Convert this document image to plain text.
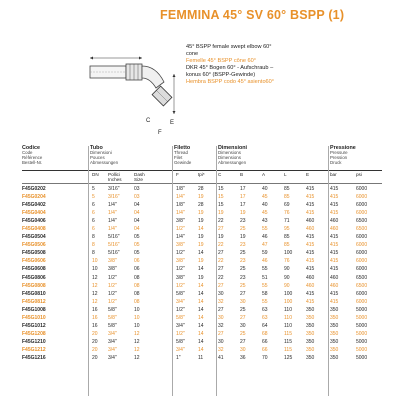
FEMMINA 45° SV 60° BSPP (1)
C	E
F
45° BSPP female swept elbow 60°
cone
Femelle 45° BSPP cône 60°
DKR 45° Bogen 60° - Aufschraub –
konus 60° (BSPP-Gewinde)
Hembra BSPP codo 45° asiento60°
Codice
Code
Référence
Bestell-Nr.
Tubo
Dimensioni
Pouces
Abmessungen
Filetto
Thread
Filet
Gewinde
Dimensioni
Dimensions
Dimensions
Abmessungen
Pressione
Pressure
Pression
Druck
DN Pollici
Inches
Dash
Size
F	tpi*	C	B	A	L	E	bar	psi
F45G0202	5	3/16"	03	1/8"	28	15	17	40	85	415	415	6000
F45G0204	5	3/16"	03	1/4"	19	15	17	45	85	415	415	6000
F45G0402	6	1/4"	04	1/8"	28	15	17	40	69	415	415	6000
F45G0404	6	1/4"	04	1/4"	19	19	19	45	76	415	415	6000
F45G0406	6	1/4"	04	3/8"	19	22	23	43	71	460	460	6500
F45G0408	6	1/4"	04	1/2"	14	27	25	55	95	460	460	6500
F45G0504	8	5/16"	05	1/4"	19	19	19	46	85	415	415	6000
F45G0506	8	5/16"	05	3/8"	19	22	23	47	85	415	415	6000
F45G0508	8	5/16"	05	1/2"	14	27	25	59	100	415	415	6000
F45G0606	10 3/8"	06	3/8"	19	22	23	46	76	415	415	6000
F45G0608	10 3/8"	06	1/2"	14	27	25	55	90	415	415	6000
F45G0806	12 1/2"	08	3/8"	19	22	23	51	90	460	460	6500
F45G0808	12 1/2"	08	1/2"	14	27	25	55	90	460	460	6500
F45G0810	12 1/2"	08	5/8"	14	30	27	58	100	415	415	6000
F45G0812	12 1/2"	08	3/4"	14	32	30	55	100	415	415	6000
F45G1008	16 5/8"	10	1/2"	14	27	25	63	110	350	350	5000
F45G1010	16 5/8"	10	5/8"	14	30	27	63	110	350	350	5000
F45G1012	16 5/8"	10	3/4"	14	32	30	64	110	350	350	5000
F45G1208	20 3/4"	12	1/2"	14	27	25	68	115	350	350	5000
F45G1210	20 3/4"	12	5/8"	14	30	27	66	115	350	350	5000
F45G1212	20 3/4"	12	3/4"	14	32	30	66	115	350	350	5000
F45G1216	20 3/4"	12	1"	11	41	36	70	125	350	350	5000
